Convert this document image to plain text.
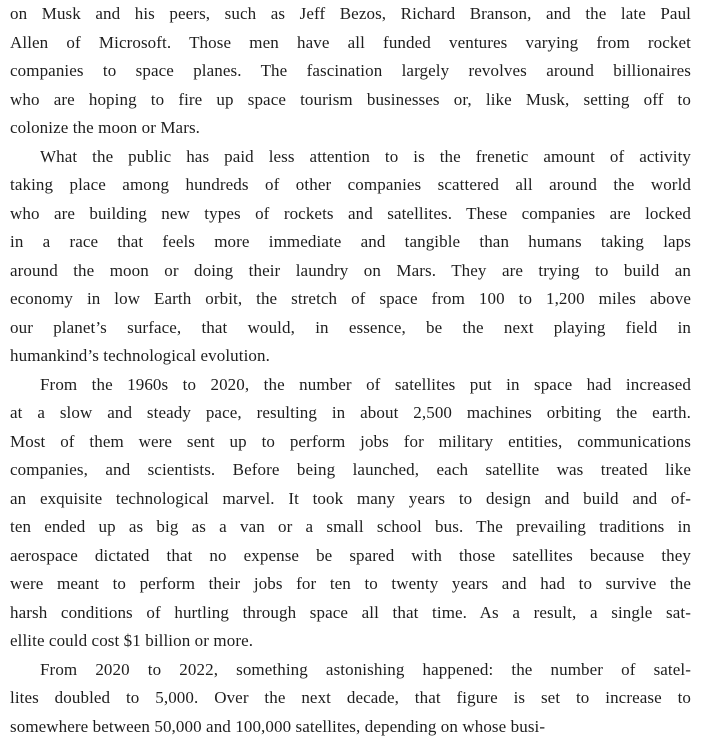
on Musk and his peers, such as Jeff Bezos, Richard Branson, and the late Paul
Allen of Microsoft. Those men have all funded ventures varying from rocket
companies to space planes. The fascination largely revolves around billionaires
who are hoping to fire up space tourism businesses or, like Musk, setting off to
colonize the moon or Mars.
What the public has paid less attention to is the frenetic amount of activity
taking place among hundreds of other companies scattered all around the world
who are building new types of rockets and satellites. These companies are locked
in a race that feels more immediate and tangible than humans taking laps
around the moon or doing their laundry on Mars. They are trying to build an
economy in low Earth orbit, the stretch of space from 100 to 1,200 miles above
our planet’s surface, that would, in essence, be the next playing field in
humankind’s technological evolution.
From the 1960s to 2020, the number of satellites put in space had increased
at a slow and steady pace, resulting in about 2,500 machines orbiting the earth.
Most of them were sent up to perform jobs for military entities, communications
companies, and scientists. Before being launched, each satellite was treated like
an exquisite technological marvel. It took many years to design and build and of-
ten ended up as big as a van or a small school bus. The prevailing traditions in
aerospace dictated that no expense be spared with those satellites because they
were meant to perform their jobs for ten to twenty years and had to survive the
harsh conditions of hurtling through space all that time. As a result, a single sat-
ellite could cost $1 billion or more.
From 2020 to 2022, something astonishing happened: the number of satel-
lites doubled to 5,000. Over the next decade, that figure is set to increase to
somewhere between 50,000 and 100,000 satellites, depending on whose busi-
